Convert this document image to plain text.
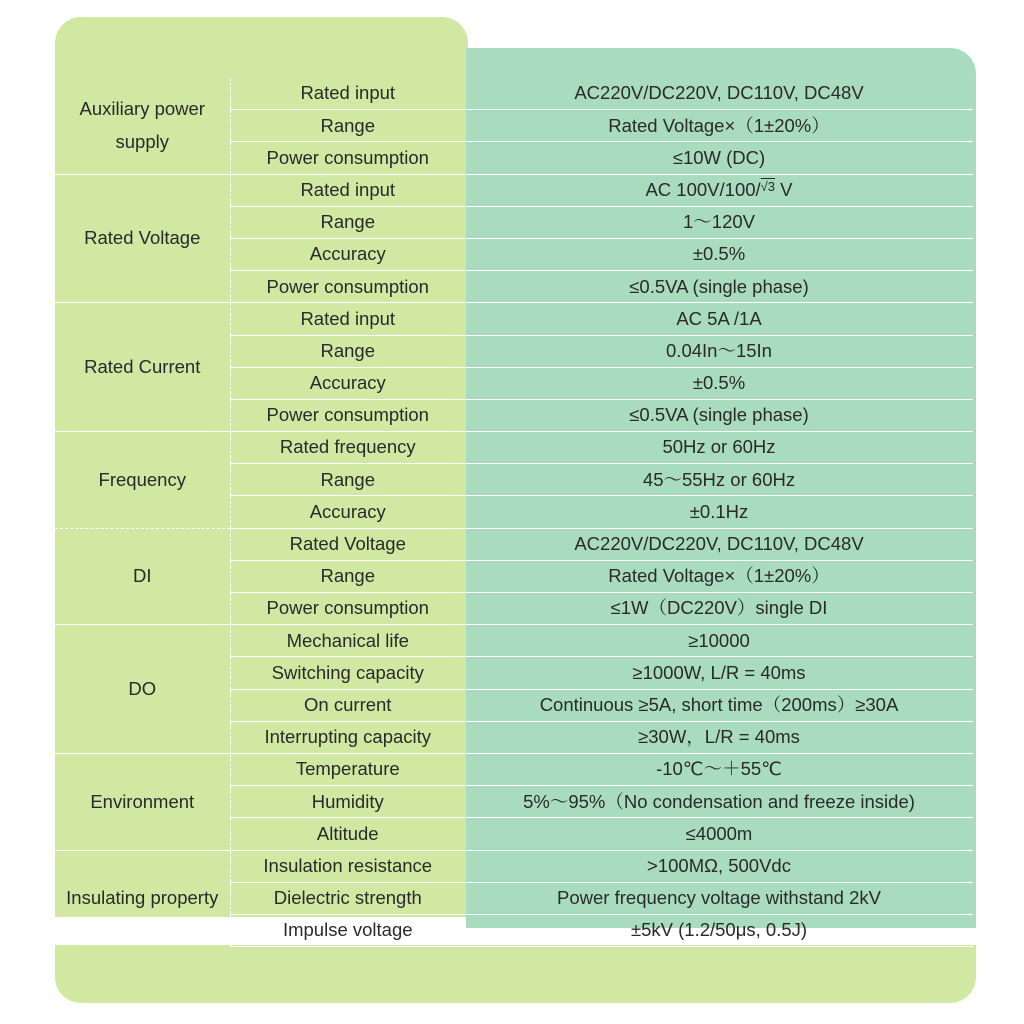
Auxiliary power supply	Rated input	AC220V/DC220V, DC110V, DC48V
	Range	Rated Voltage×（1±20%）
	Power consumption	≤10W (DC)
Rated Voltage	Rated input	AC 100V/100/$^{√3}$ V
	Range	1～120V
	Accuracy	±0.5%
	Power consumption	≤0.5VA (single phase)
Rated Current	Rated input	AC 5A /1A
	Range	0.04In～15In
	Accuracy	±0.5%
	Power consumption	≤0.5VA (single phase)
Frequency	Rated frequency	50Hz or 60Hz
	Range	45～55Hz or 60Hz
	Accuracy	±0.1Hz
DI	Rated Voltage	AC220V/DC220V, DC110V, DC48V
	Range	Rated Voltage×（1±20%）
	Power consumption	≤1W（DC220V）single DI
DO	Mechanical life	≥10000
	Switching capacity	≥1000W, L/R = 40ms
	On current	Continuous ≥5A, short time（200ms）≥30A
	Interrupting capacity	≥30W，L/R = 40ms
Environment	Temperature	-10℃～＋55℃
	Humidity	5%～95%（No condensation and freeze inside)
	Altitude	≤4000m
Insulating property	Insulation resistance	>100MΩ, 500Vdc
	Dielectric strength	Power frequency voltage withstand 2kV
	Impulse voltage	±5kV (1.2/50μs, 0.5J)
